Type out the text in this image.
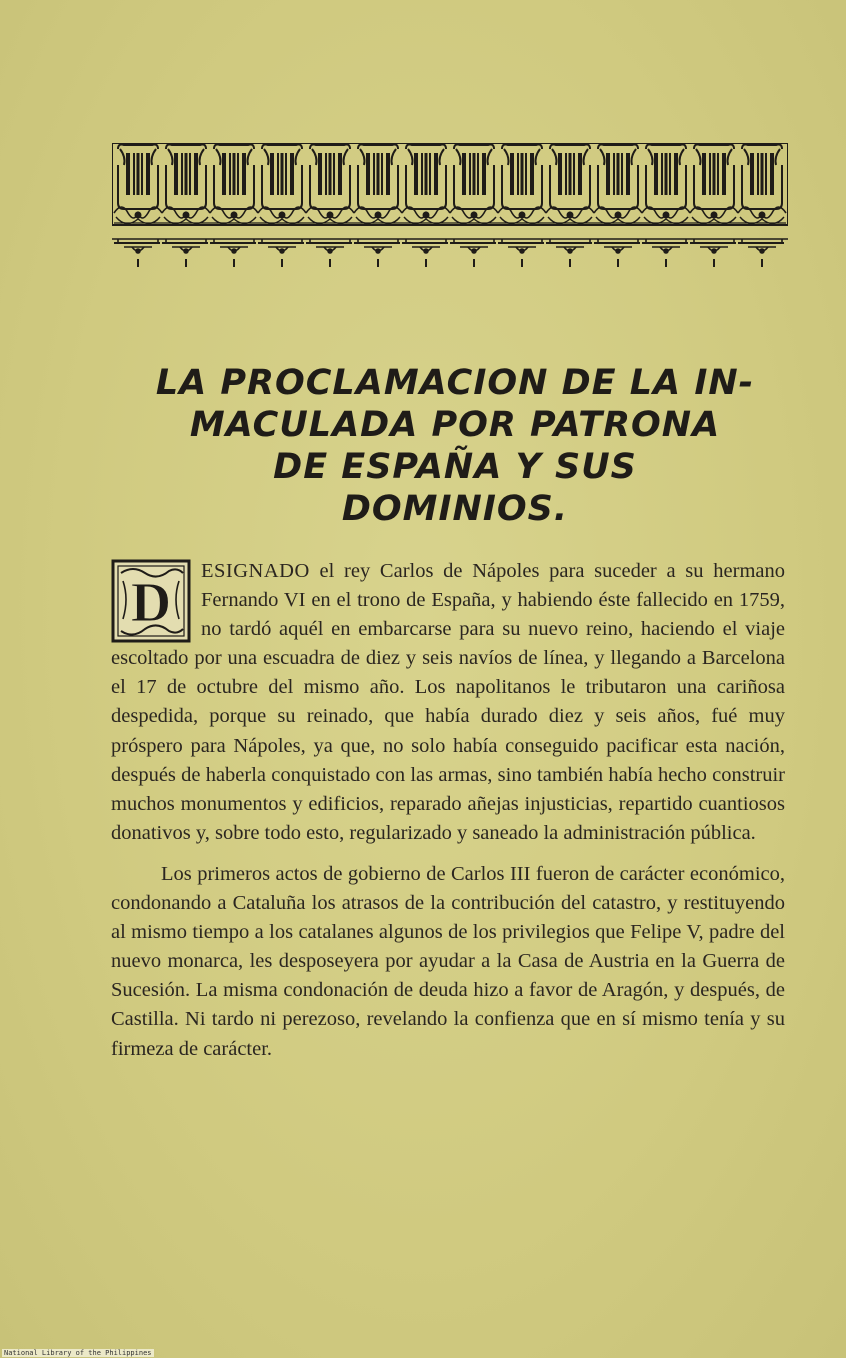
LA PROCLAMACION DE LA IN-
MACULADA POR PATRONA
DE ESPAÑA Y SUS
DOMINIOS.

D
ESIGNADO el rey Carlos de Nápoles para suceder a su hermano Fernando VI en el trono de España, y habiendo éste fallecido en 1759, no tardó aquél en embarcarse para su nuevo reino, haciendo el viaje escoltado por una escuadra de diez y seis navíos de línea, y llegando a Barcelona el 17 de octubre del mismo año. Los napolitanos le tributaron una cariñosa despedida, porque su reinado, que había durado diez y seis años, fué muy próspero para Nápoles, ya que, no solo había conseguido pacificar esta nación, después de haberla conquistado con las armas, sino también había hecho construir muchos monumentos y edificios, reparado añejas injusticias, repartido cuantiosos donativos y, sobre todo esto, regularizado y saneado la administración pública.

Los primeros actos de gobierno de Carlos III fueron de carácter económico, condonando a Cataluña los atrasos de la contribución del catastro, y restituyendo al mismo tiempo a los catalanes algunos de los privilegios que Felipe V, padre del nuevo monarca, les desposeyera por ayudar a la Casa de Austria en la Guerra de Sucesión. La misma condonación de deuda hizo a favor de Aragón, y después, de Castilla. Ni tardo ni perezoso, revelando la confienza que en sí mismo tenía y su firmeza de carácter.

National Library of the Philippines
